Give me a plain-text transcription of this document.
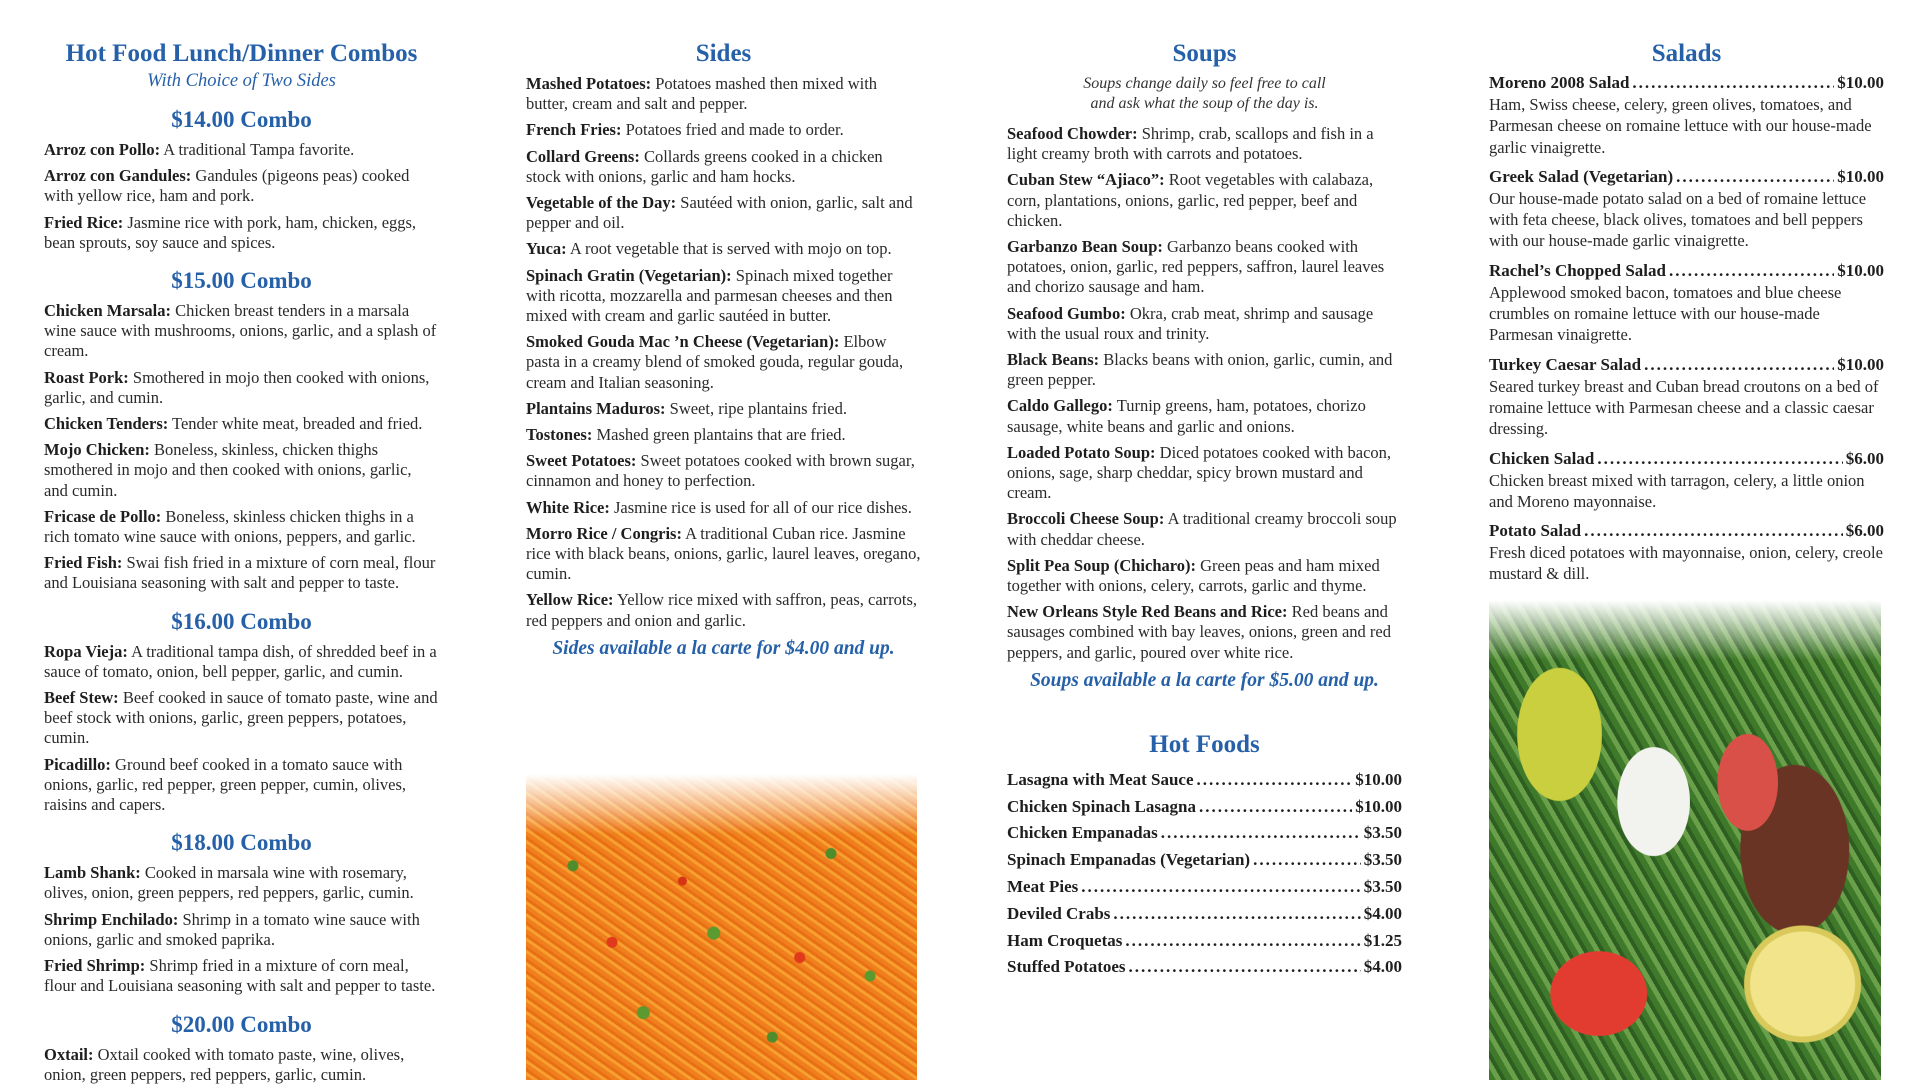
Hot Food Lunch/Dinner Combos
With Choice of Two Sides
$14.00 Combo
Arroz con Pollo: A traditional Tampa favorite.
Arroz con Gandules: Gandules (pigeons peas) cooked with yellow rice, ham and pork.
Fried Rice: Jasmine rice with pork, ham, chicken, eggs, bean sprouts, soy sauce and spices.
$15.00 Combo
Chicken Marsala: Chicken breast tenders in a marsala wine sauce with mushrooms, onions, garlic, and a splash of cream.
Roast Pork: Smothered in mojo then cooked with onions, garlic, and cumin.
Chicken Tenders: Tender white meat, breaded and fried.
Mojo Chicken: Boneless, skinless, chicken thighs smothered in mojo and then cooked with onions, garlic, and cumin.
Fricase de Pollo: Boneless, skinless chicken thighs in a rich tomato wine sauce with onions, peppers, and garlic.
Fried Fish: Swai fish fried in a mixture of corn meal, flour and Louisiana seasoning with salt and pepper to taste.
$16.00 Combo
Ropa Vieja: A traditional tampa dish, of shredded beef in a sauce of tomato, onion, bell pepper, garlic, and cumin.
Beef Stew: Beef cooked in sauce of tomato paste, wine and beef stock with onions, garlic, green peppers, potatoes, cumin.
Picadillo: Ground beef cooked in a tomato sauce with onions, garlic, red pepper, green pepper, cumin, olives, raisins and capers.
$18.00 Combo
Lamb Shank: Cooked in marsala wine with rosemary, olives, onion, green peppers, red peppers, garlic, cumin.
Shrimp Enchilado: Shrimp in a tomato wine sauce with onions, garlic and smoked paprika.
Fried Shrimp: Shrimp fried in a mixture of corn meal, flour and Louisiana seasoning with salt and pepper to taste.
$20.00 Combo
Oxtail: Oxtail cooked with tomato paste, wine, olives, onion, green peppers, red peppers, garlic, cumin.
Sides
Mashed Potatoes: Potatoes mashed then mixed with butter, cream and salt and pepper.
French Fries: Potatoes fried and made to order.
Collard Greens: Collards greens cooked in a chicken stock with onions, garlic and ham hocks.
Vegetable of the Day: Sautéed with onion, garlic, salt and pepper and oil.
Yuca: A root vegetable that is served with mojo on top.
Spinach Gratin (Vegetarian): Spinach mixed together with ricotta, mozzarella and parmesan cheeses and then mixed with cream and garlic sautéed in butter.
Smoked Gouda Mac ’n Cheese (Vegetarian): Elbow pasta in a creamy blend of smoked gouda, regular gouda, cream and Italian seasoning.
Plantains Maduros: Sweet, ripe plantains fried.
Tostones: Mashed green plantains that are fried.
Sweet Potatoes: Sweet potatoes cooked with brown sugar, cinnamon and honey to perfection.
White Rice: Jasmine rice is used for all of our rice dishes.
Morro Rice / Congris: A traditional Cuban rice. Jasmine rice with black beans, onions, garlic, laurel leaves, oregano, cumin.
Yellow Rice: Yellow rice mixed with saffron, peas, carrots, red peppers and onion and garlic.
Sides available a la carte for $4.00 and up.
Soups
Soups change daily so feel free to call and ask what the soup of the day is.
Seafood Chowder: Shrimp, crab, scallops and fish in a light creamy broth with carrots and potatoes.
Cuban Stew “Ajiaco”: Root vegetables with calabaza, corn, plantations, onions, garlic, red pepper, beef and chicken.
Garbanzo Bean Soup: Garbanzo beans cooked with potatoes, onion, garlic, red peppers, saffron, laurel leaves and chorizo sausage and ham.
Seafood Gumbo: Okra, crab meat, shrimp and sausage with the usual roux and trinity.
Black Beans: Blacks beans with onion, garlic, cumin, and green pepper.
Caldo Gallego: Turnip greens, ham, potatoes, chorizo sausage, white beans and garlic and onions.
Loaded Potato Soup: Diced potatoes cooked with bacon, onions, sage, sharp cheddar, spicy brown mustard and cream.
Broccoli Cheese Soup: A traditional creamy broccoli soup with cheddar cheese.
Split Pea Soup (Chicharo): Green peas and ham mixed together with onions, celery, carrots, garlic and thyme.
New Orleans Style Red Beans and Rice: Red beans and sausages combined with bay leaves, onions, green and red peppers, and garlic, poured over white rice.
Soups available a la carte for $5.00 and up.
Hot Foods
Lasagna with Meat Sauce .....	$10.00
Chicken Spinach Lasagna .....	$10.00
Chicken Empanadas .....	$3.50
Spinach Empanadas (Vegetarian) .....	$3.50
Meat Pies .....	$3.50
Deviled Crabs .....	$4.00
Ham Croquetas .....	$1.25
Stuffed Potatoes .....	$4.00
Salads
Moreno 2008 Salad .....	$10.00
Ham, Swiss cheese, celery, green olives, tomatoes, and Parmesan cheese on romaine lettuce with our house-made garlic vinaigrette.
Greek Salad (Vegetarian) .....	$10.00
Our house-made potato salad on a bed of romaine lettuce with feta cheese, black olives, tomatoes and bell peppers with our house-made garlic vinaigrette.
Rachel’s Chopped Salad .....	$10.00
Applewood smoked bacon, tomatoes and blue cheese crumbles on romaine lettuce with our house-made Parmesan vinaigrette.
Turkey Caesar Salad .....	$10.00
Seared turkey breast and Cuban bread croutons on a bed of romaine lettuce with Parmesan cheese and a classic caesar dressing.
Chicken Salad .....	$6.00
Chicken breast mixed with tarragon, celery, a little onion and Moreno mayonnaise.
Potato Salad .....	$6.00
Fresh diced potatoes with mayonnaise, onion, celery, creole mustard & dill.
